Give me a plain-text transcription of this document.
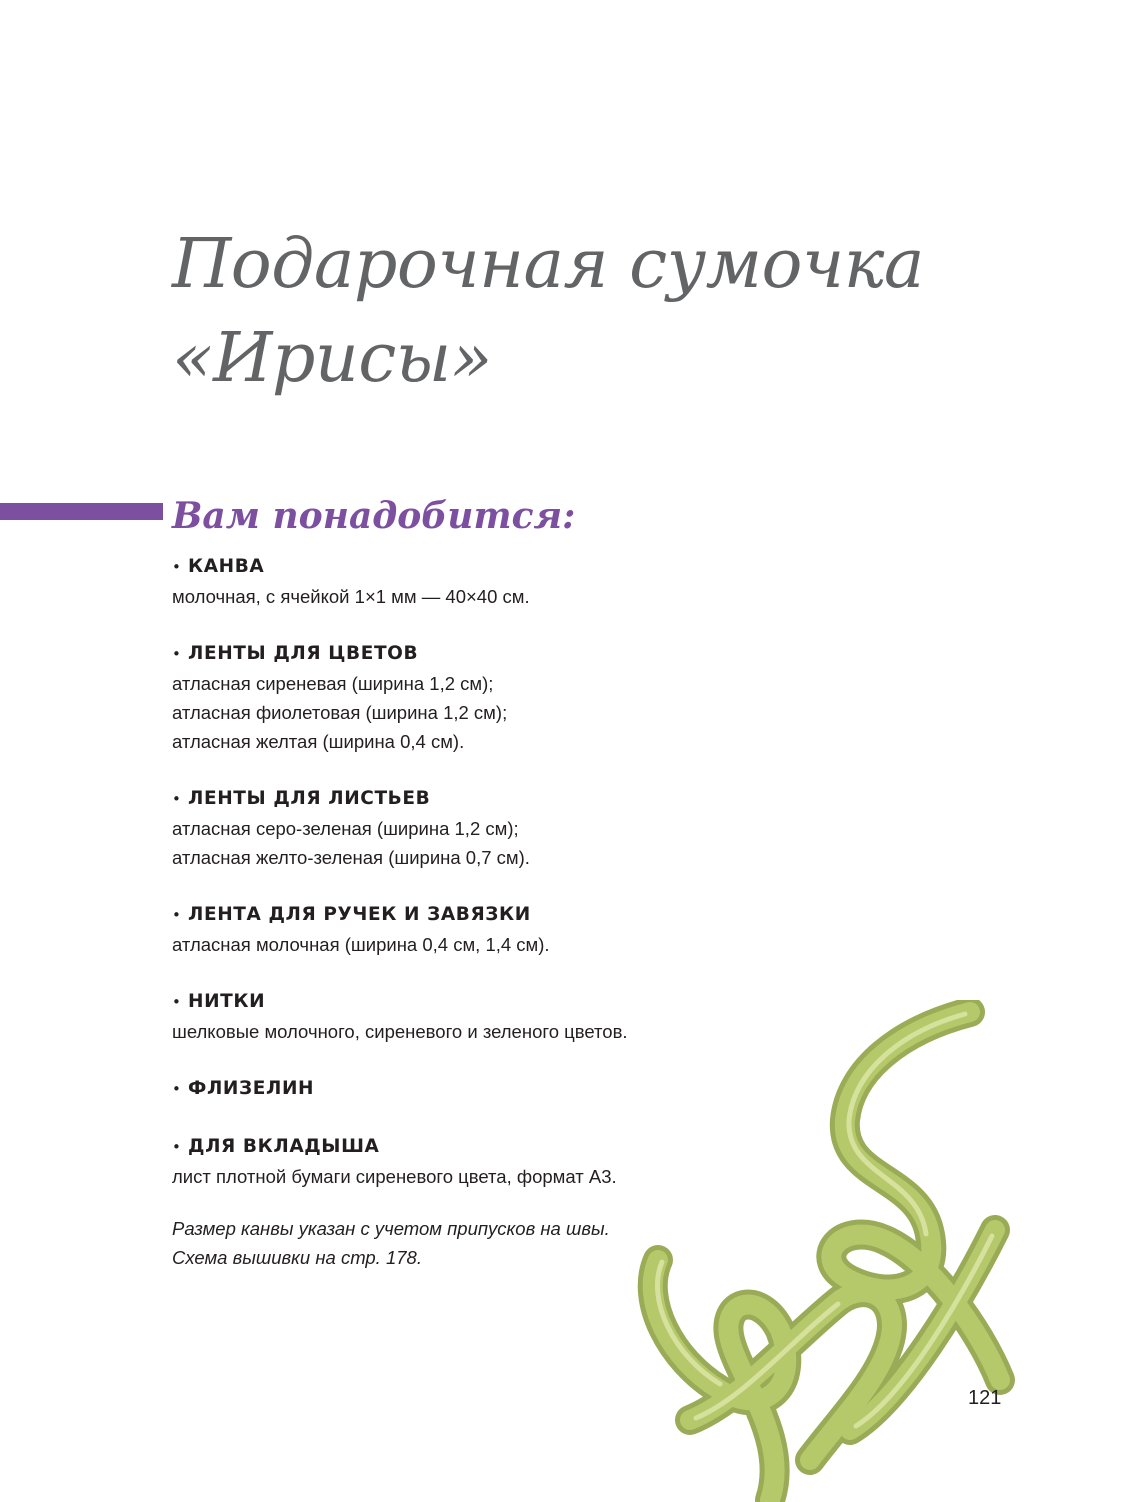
Подарочная сумочка
«Ирисы»
Вам понадобится:
• КАНВА
молочная, с ячейкой 1×1 мм — 40×40 см.
• ЛЕНТЫ ДЛЯ ЦВЕТОВ
атласная сиреневая (ширина 1,2 см);
атласная фиолетовая (ширина 1,2 см);
атласная желтая (ширина 0,4 см).
• ЛЕНТЫ ДЛЯ ЛИСТЬЕВ
атласная серо-зеленая (ширина 1,2 см);
атласная желто-зеленая (ширина 0,7 см).
• ЛЕНТА ДЛЯ РУЧЕК И ЗАВЯЗКИ
атласная молочная (ширина 0,4 см, 1,4 см).
• НИТКИ
шелковые молочного, сиреневого и зеленого цветов.
• ФЛИЗЕЛИН
• ДЛЯ ВКЛАДЫША
лист плотной бумаги сиреневого цвета, формат А3.

Размер канвы указан с учетом припусков на швы.
Схема вышивки на стр. 178.

121
